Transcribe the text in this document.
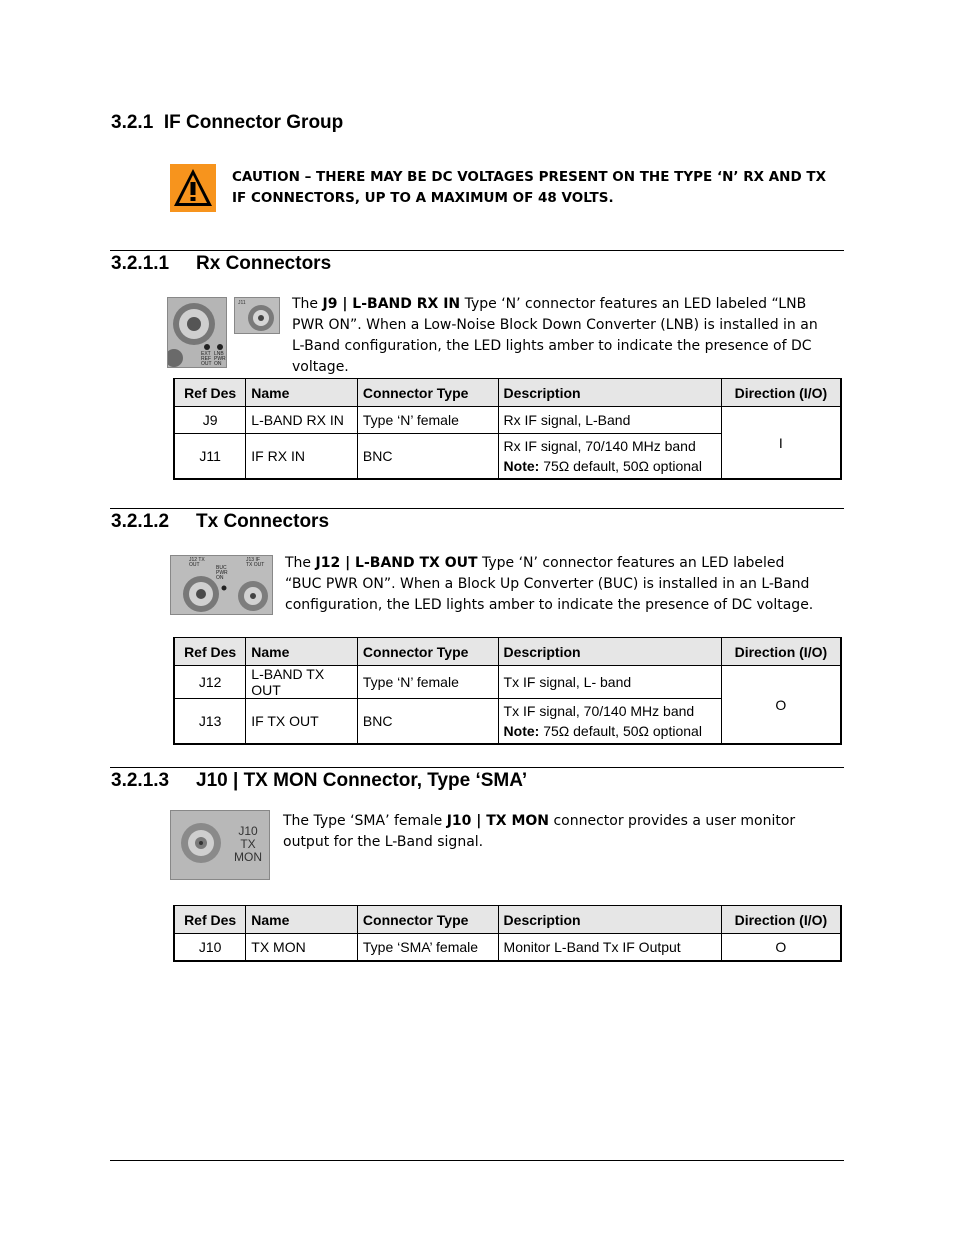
3.2.1 IF Connector Group
CAUTION – THERE MAY BE DC VOLTAGES PRESENT ON THE TYPE ‘N’ RX AND TX IF CONNECTORS, UP TO A MAXIMUM OF 48 VOLTS.
3.2.1.1 Rx Connectors
EXT REF OUT
LNB PWR ON
J11	The J9 | L-BAND RX IN Type ‘N’ connector features an LED labeled “LNB PWR ON”. When a Low-Noise Block Down Converter (LNB) is installed in an L-Band configuration, the LED lights amber to indicate the presence of DC voltage.
Ref Des	Name	Connector Type	Description	Direction (I/O)
J9	L-BAND RX IN	Type ‘N’ female	Rx IF signal, L-Band	I
J11	IF RX IN	BNC	Rx IF signal, 70/140 MHz band
Note: 75Ω default, 50Ω optional	
3.2.1.2 Tx Connectors
J12 TX OUT	BUC PWR ON
J13 IF TX OUT The J12 | L-BAND TX OUT Type ‘N’ connector features an LED labeled “BUC PWR ON”. When a Block Up Converter (BUC) is installed in an L-Band configuration, the LED lights amber to indicate the presence of DC voltage.
Ref Des	Name	Connector Type	Description	Direction (I/O)
J12	L-BAND TX OUT	Type ‘N’ female	Tx IF signal, L- band	O
J13	IF TX OUT	BNC	Tx IF signal, 70/140 MHz band
Note: 75Ω default, 50Ω optional	
3.2.1.3 J10 | TX MON Connector, Type ‘SMA’
J10
TX
MON
The Type ‘SMA’ female J10 | TX MON connector provides a user monitor output for the L-Band signal.
Ref Des	Name	Connector Type	Description	Direction (I/O)
J10	TX MON	Type ‘SMA’ female	Monitor L-Band Tx IF Output	O
